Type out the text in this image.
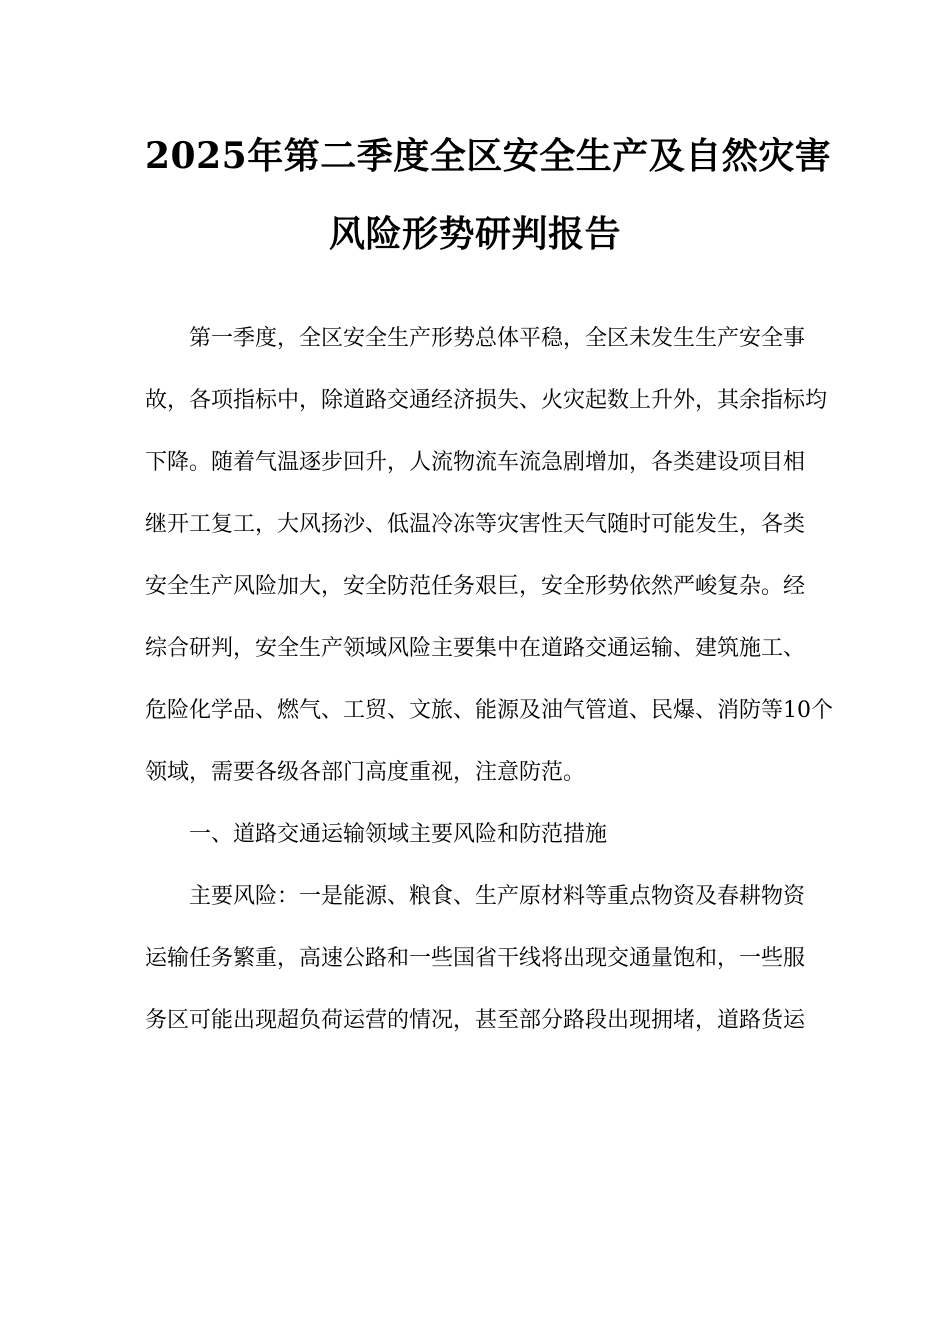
2025年第二季度全区安全生产及自然灾害
风险形势研判报告
第一季度，全区安全生产形势总体平稳，全区未发生生产安全事
故，各项指标中，除道路交通经济损失、火灾起数上升外，其余指标均
下降。随着气温逐步回升，人流物流车流急剧增加，各类建设项目相
继开工复工，大风扬沙、低温冷冻等灾害性天气随时可能发生，各类
安全生产风险加大，安全防范任务艰巨，安全形势依然严峻复杂。经
综合研判，安全生产领域风险主要集中在道路交通运输、建筑施工、
危险化学品、燃气、工贸、文旅、能源及油气管道、民爆、消防等10个
领域，需要各级各部门高度重视，注意防范。
一、道路交通运输领域主要风险和防范措施
主要风险：一是能源、粮食、生产原材料等重点物资及春耕物资
运输任务繁重，高速公路和一些国省干线将出现交通量饱和，一些服
务区可能出现超负荷运营的情况，甚至部分路段出现拥堵，道路货运
